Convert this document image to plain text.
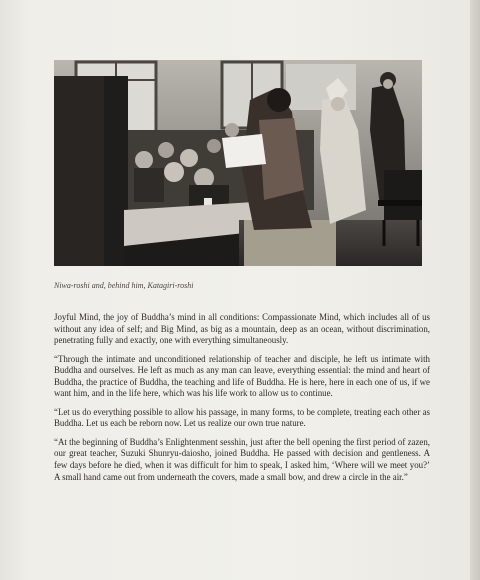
Niwa-roshi and, behind him, Katagiri-roshi

Joyful Mind, the joy of Buddha’s mind in all conditions: Compassionate Mind, which includes all of us without any idea of self; and Big Mind, as big as a mountain, deep as an ocean, without discrimination, penetrating fully and exactly, one with everything simultaneously.

“Through the intimate and unconditioned relationship of teacher and disciple, he left us intimate with Buddha and ourselves. He left as much as any man can leave, everything essential: the mind and heart of Buddha, the practice of Buddha, the teaching and life of Buddha. He is here, here in each one of us, if we want him, and in the life here, which was his life work to allow us to continue.

“Let us do everything possible to allow his passage, in many forms, to be complete, treating each other as Buddha. Let us each be reborn now. Let us realize our own true nature.

“At the beginning of Buddha’s Enlightenment sesshin, just after the bell opening the first period of zazen, our great teacher, Suzuki Shunryu-daiosho, joined Buddha. He passed with decision and gentleness. A few days before he died, when it was difficult for him to speak, I asked him, ‘Where will we meet you?’ A small hand came out from underneath the covers, made a small bow, and drew a circle in the air.”
